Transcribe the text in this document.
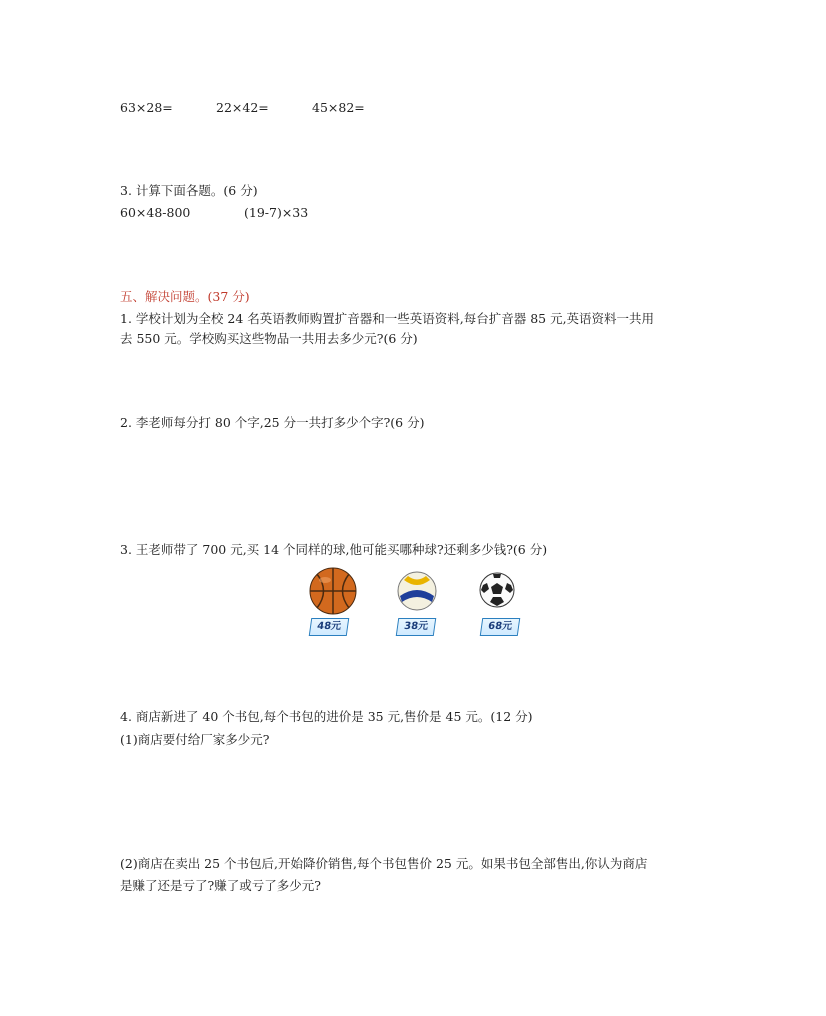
63×28=	22×42=	45×82=
3. 计算下面各题。(6 分)
60×48-800	(19-7)×33
五、解决问题。(37 分)
1. 学校计划为全校 24 名英语教师购置扩音器和一些英语资料,每台扩音器 85 元,英语资料一共用
去 550 元。学校购买这些物品一共用去多少元?(6 分)
2. 李老师每分打 80 个字,25 分一共打多少个字?(6 分)
3. 王老师带了 700 元,买 14 个同样的球,他可能买哪种球?还剩多少钱?(6 分)
48元	38元	68元
4. 商店新进了 40 个书包,每个书包的进价是 35 元,售价是 45 元。(12 分)
(1)商店要付给厂家多少元?
(2)商店在卖出 25 个书包后,开始降价销售,每个书包售价 25 元。如果书包全部售出,你认为商店
是赚了还是亏了?赚了或亏了多少元?
